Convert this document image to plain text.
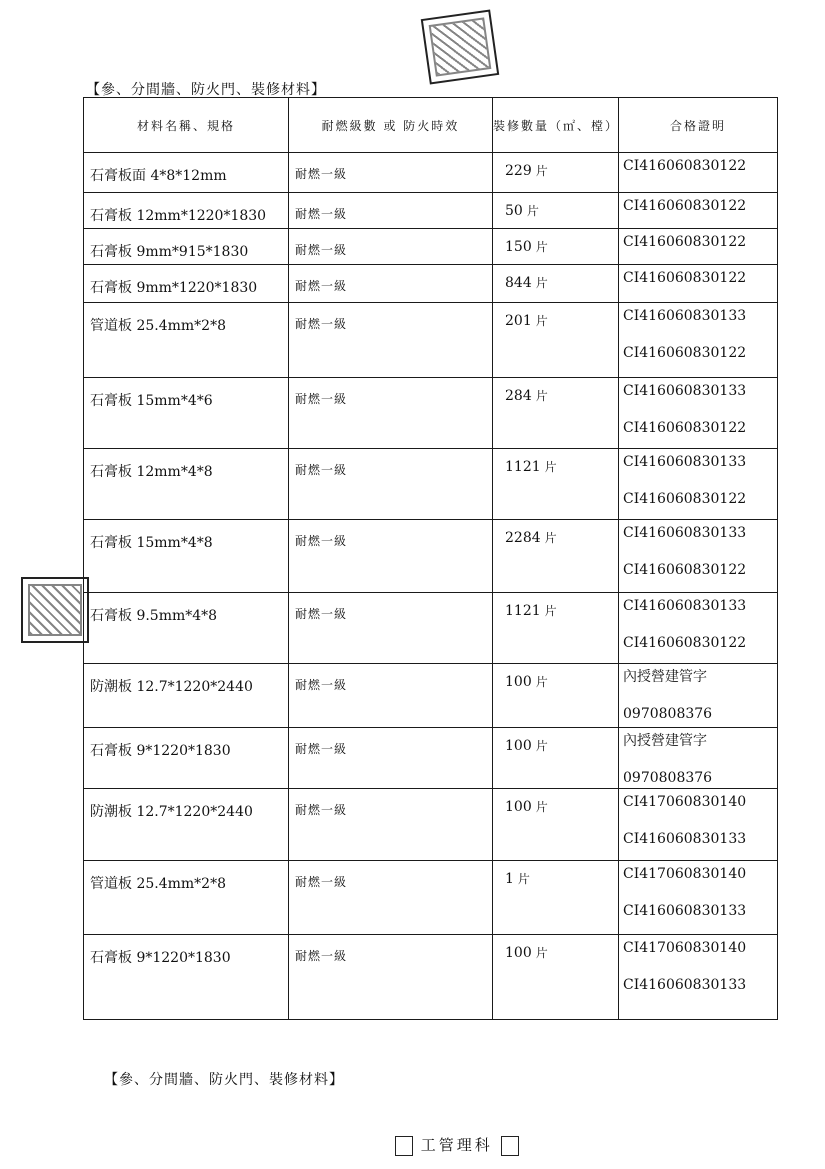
【參、分間牆、防火門、裝修材料】
材料名稱、規格	耐燃級數 或 防火時效	裝修數量（㎡、樘）	合格證明
石膏板面 4*8*12mm	耐燃一級	229 片	CI416060830122

石膏板 12mm*1220*1830	耐燃一級	50 片	CI416060830122

石膏板 9mm*915*1830	耐燃一級	150 片	CI416060830122

石膏板 9mm*1220*1830	耐燃一級	844 片	CI416060830122

管道板 25.4mm*2*8	耐燃一級	201 片	CI416060830133
CI416060830122

石膏板 15mm*4*6	耐燃一級	284 片	CI416060830133
CI416060830122

石膏板 12mm*4*8	耐燃一級	1121 片	CI416060830133
CI416060830122

石膏板 15mm*4*8	耐燃一級	2284 片	CI416060830133
CI416060830122

石膏板 9.5mm*4*8	耐燃一級	1121 片	CI416060830133
CI416060830122

防潮板 12.7*1220*2440	耐燃一級	100 片	內授營建管字
0970808376

石膏板 9*1220*1830	耐燃一級	100 片	內授營建管字
0970808376

防潮板 12.7*1220*2440	耐燃一級	100 片	CI417060830140
CI416060830133

管道板 25.4mm*2*8	耐燃一級	1 片	CI417060830140
CI416060830133

石膏板 9*1220*1830	耐燃一級	100 片	CI417060830140
CI416060830133
【參、分間牆、防火門、裝修材料】
工管理科
